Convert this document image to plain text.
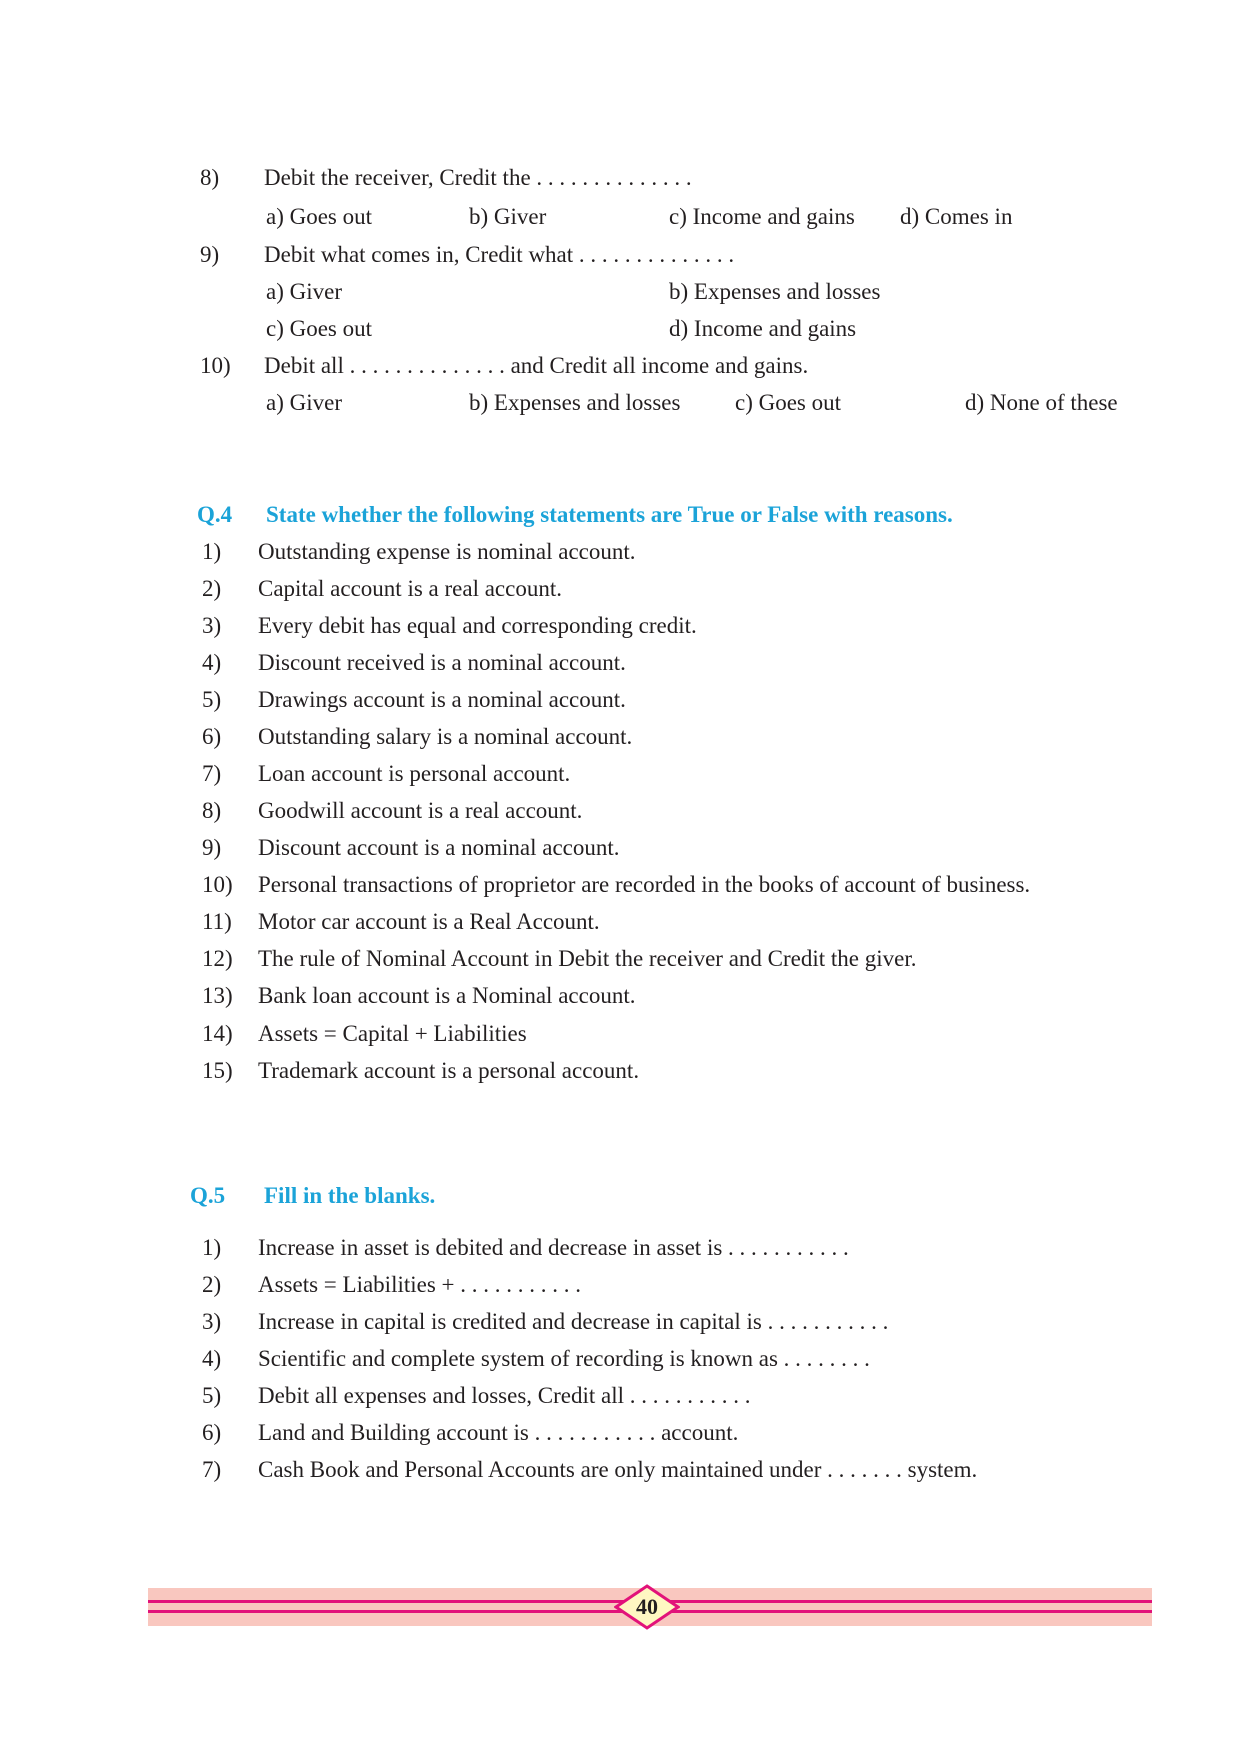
8) Debit the receiver, Credit the . . . . . . . . . . . . . .
a) Goes out	b) Giver	c) Income and gains d) Comes in
9) Debit what comes in, Credit what . . . . . . . . . . . . . .
a) Giver	b) Expenses and losses
c) Goes out	d) Income and gains
10) Debit all . . . . . . . . . . . . . . and Credit all income and gains.
a) Giver	b) Expenses and losses c) Goes out	d) None of these
Q.4 State whether the following statements are True or False with reasons.
1) Outstanding expense is nominal account.
2) Capital account is a real account.
3) Every debit has equal and corresponding credit.
4) Discount received is a nominal account.
5) Drawings account is a nominal account.
6) Outstanding salary is a nominal account.
7) Loan account is personal account.
8) Goodwill account is a real account.
9) Discount account is a nominal account.
10) Personal transactions of proprietor are recorded in the books of account of business.
11) Motor car account is a Real Account.
12) The rule of Nominal Account in Debit the receiver and Credit the giver.
13) Bank loan account is a Nominal account.
14) Assets = Capital + Liabilities
15) Trademark account is a personal account.
Q.5 Fill in the blanks.
1) Increase in asset is debited and decrease in asset is . . . . . . . . . . .
2) Assets = Liabilities + . . . . . . . . . . .
3) Increase in capital is credited and decrease in capital is . . . . . . . . . . .
4) Scientific and complete system of recording is known as . . . . . . . .
5) Debit all expenses and losses, Credit all . . . . . . . . . . .
6) Land and Building account is . . . . . . . . . . . account.
7) Cash Book and Personal Accounts are only maintained under . . . . . . . system.
40
